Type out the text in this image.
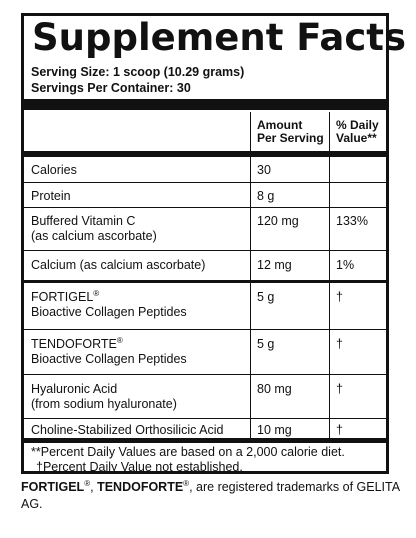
Supplement Facts
Serving Size: 1 scoop (10.29 grams)
Servings Per Container: 30
Amount
Per Serving
% Daily
Value**
Calories	30
Protein	8 g
Buffered Vitamin C
(as calcium ascorbate)
120 mg	133%
Calcium (as calcium ascorbate)	12 mg	1%
FORTIGEL®
Bioactive Collagen Peptides
5 g	†
TENDOFORTE®
Bioactive Collagen Peptides
5 g	†
Hyaluronic Acid
(from sodium hyaluronate)
80 mg	†
Choline-Stabilized Orthosilicic Acid	10 mg	†
**Percent Daily Values are based on a 2,000 calorie diet.
†Percent Daily Value not established.
FORTIGEL®, TENDOFORTE®, are registered trademarks of GELITA AG.
